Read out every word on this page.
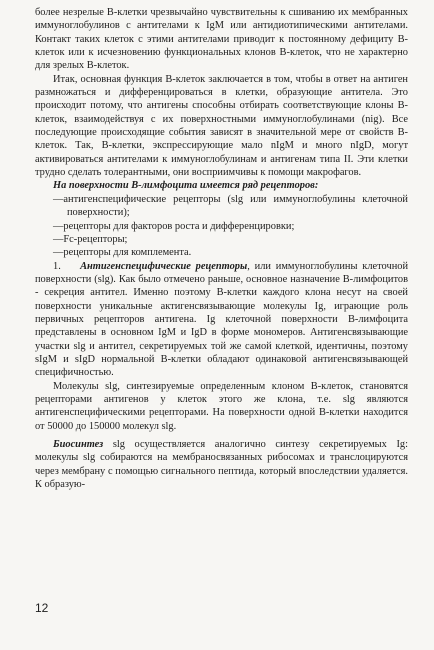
более незрелые В-клетки чрезвычайно чувствительны к сшиванию их мембранных иммуноглобулинов с антителами к IgM или антидиотипическими антителами. Контакт таких клеток с этими антителами приводит к постоянному дефициту В-клеток или к исчезновению функциональных клонов В-клеток, что не характерно для зрелых В-клеток.

Итак, основная функция В-клеток заключается в том, чтобы в ответ на антиген размножаться и дифференцироваться в клетки, образующие антитела. Это происходит потому, что антигены способны отбирать соответствующие клоны В-клеток, взаимодействуя с их поверхностными иммуноглобулинами (nig). Все последующие происходящие события зависят в значительной мере от свойств В-клеток. Так, В-клетки, экспрессирующие мало nIgM и много nIgD, могут активироваться антителами к иммуноглобулинам и антигенам типа II. Эти клетки трудно сделать толерантными, они восприимчивы к помощи макрофагов.

На поверхности В-лимфоцита имеется ряд рецепторов:

—антигенспецифические рецепторы (slg или иммуноглобулины клеточной поверхности);

—рецепторы для факторов роста и дифференцировки;

—Fc-рецепторы;

—рецепторы для комплемента.

1. Антигенспецифические рецепторы, или иммуноглобулины клеточной поверхности (slg). Как было отмечено раньше, основное назначение В-лимфоцитов - секреция антител. Именно поэтому В-клетки каждого клона несут на своей поверхности уникальные актигенсвязывающие молекулы Ig, играющие роль первичных рецепторов антигена. Ig клеточной поверхности В-лимфоцита представлены в основном IgM и IgD в форме мономеров. Антигенсвязывающие участки slg и антител, секретируемых той же самой клеткой, идентичны, поэтому sIgM и sIgD нормальной В-клетки обладают одинаковой антигенсвязывающей специфичностью.

Молекулы slg, синтезируемые определенным клоном В-клеток, становятся рецепторами антигенов у клеток этого же клона, т.е. slg являются антигенспецифическими рецепторами. На поверхности одной В-клетки находится от 50000 до 150000 молекул slg.

Биосинтез slg осуществляется аналогично синтезу секретируемых Ig: молекулы slg собираются на мембраносвязанных рибосомах и транслоцируются через мембрану с помощью сигнального пептида, который впоследствии удаляется. К образую-

12
